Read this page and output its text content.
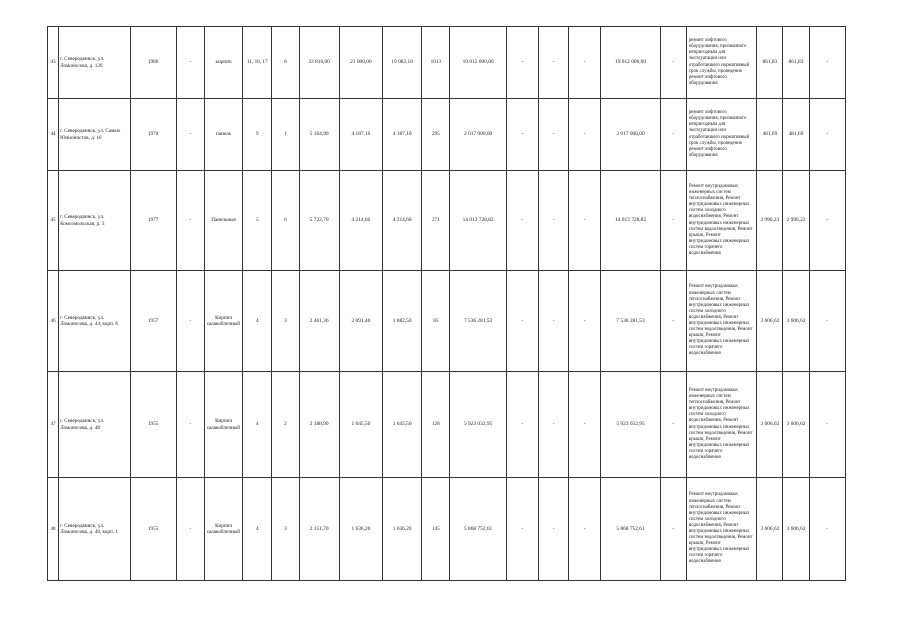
43	г. Северодвинск, ул. Ломоносова, д. 120	1986	-	кирпич	11, 10, 17	8	33 816,00	21 000,00	19 082,10	1013	19 012 000,00	-	-	-	19 012 000,00	-	ремонт лифтового оборудования, признанного непригодным для эксплуатации или отработавшего нормативный срок службы, проведение ремонт лифтового оборудования	861,83	861,83	-
44	г. Северодвинск, ул. Самых Юнионистов, д. 16	1978	-	панель	9	1	5 164,90	4 187,10	4 187,10	295	2 017 000,00	-	-	-	2 017 000,00	-	ремонт лифтового оборудования, признанного непригодным для эксплуатации или отработавшего нормативный срок службы, проведение ремонт лифтового оборудования	481,69	481,69	-
45	г. Северодвинск, ул. Комсомольская, д. 3	1977	-	Панельные	5	6	5 722,70	4 214,60	4 214,60	271	14 013 728,82	-	-	-	14 013 728,82	-	Ремонт внутридомовых инженерных систем теплоснабжения, Ремонт внутридомовых инженерных систем холодного водоснабжения, Ремонт внутридомовых инженерных систем водоотведения, Ремонт крыши, Ремонт внутридомовых инженерных систем горячего водоснабжения	2 996,23	2 996,23	-
46	г. Северодвинск, ул. Ломоносова, д. 44, корп. 6	1957	-	Кирпич шлакоблочный	4	3	2 461,36	2 091,40	1 882,50	85	7 536 281,53	-	-	-	7 536 281,53	-	Ремонт внутридомовых инженерных систем теплоснабжения, Ремонт внутридомовых инженерных систем холодного водоснабжения, Ремонт внутридомовых инженерных систем водоотведения, Ремонт крыши, Ремонт внутридомовых инженерных систем горячего водоснабжения	3 606,62	3 606,62	-
47	г. Северодвинск, ул. Ломоносова, д. 48	1955	-	Кирпич шлакоблочный	4	2	2 188,90	1 645,50	1 645,50	128	5 923 032,95	-	-	-	5 923 032,95	-	Ремонт внутридомовых инженерных систем теплоснабжения, Ремонт внутридомовых инженерных систем холодного водоснабжения, Ремонт внутридомовых инженерных систем водоотведения, Ремонт крыши, Ремонт внутридомовых инженерных систем горячего водоснабжения	3 606,62	3 606,62	-
48	г. Северодвинск, ул. Ломоносова, д. 48, корп. 1	1955	-	Кирпич шлакоблочный	4	3	2 151,70	1 636,20	1 636,20	145	5 868 752,61	-	-	-	5 868 752,61	-	Ремонт внутридомовых инженерных систем теплоснабжения, Ремонт внутридомовых инженерных систем холодного водоснабжения, Ремонт внутридомовых инженерных систем водоотведения, Ремонт крыши, Ремонт внутридомовых инженерных систем горячего водоснабжения	3 606,62	3 606,62	-
